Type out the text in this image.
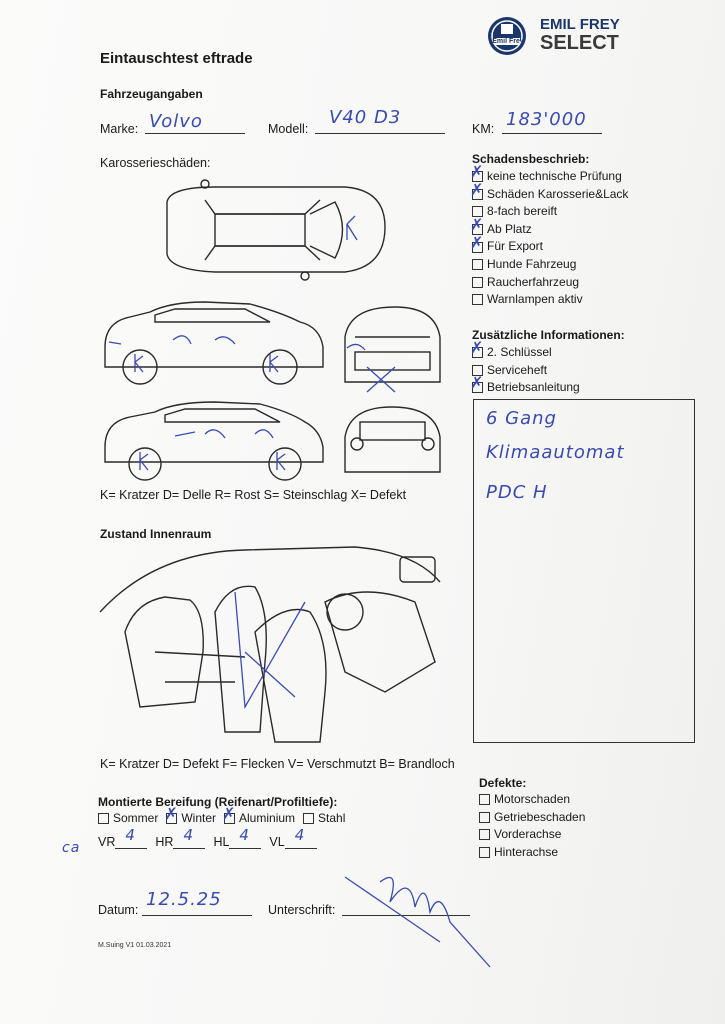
Emil Frey
EMIL FREY
SELECT
Eintauschtest eftrade
Fahrzeugangaben
Marke: Volvo	Modell:
V40 D3
KM: 183'000
Karosserieschäden:
K= Kratzer D= Delle R= Rost S= Steinschlag X= Defekt
Schadensbeschrieb:
✗
keine technische Prüfung
✗
Schäden Karosserie&Lack
8-fach bereift
✗
Ab Platz
✗
Für Export
Hunde Fahrzeug
Raucherfahrzeug
Warnlampen aktiv
Zusätzliche Informationen:
✗
2. Schlüssel
Serviceheft
✗
Betriebsanleitung
6 Gang
Klimaautomat
PDC H
Zustand Innenraum
K= Kratzer D= Defekt F= Flecken V= Verschmutzt B= Brandloch
Montierte Bereifung (Reifenart/Profiltiefe):
Sommer ✗ Winter ✗ Aluminium Stahl
ca VR 4 HR 4 HL 4 VL 4
Defekte:
Motorschaden
Getriebeschaden
Vorderachse
Hinterachse
Datum: 12.5.25	Unterschrift:
M.Suing V1 01.03.2021
